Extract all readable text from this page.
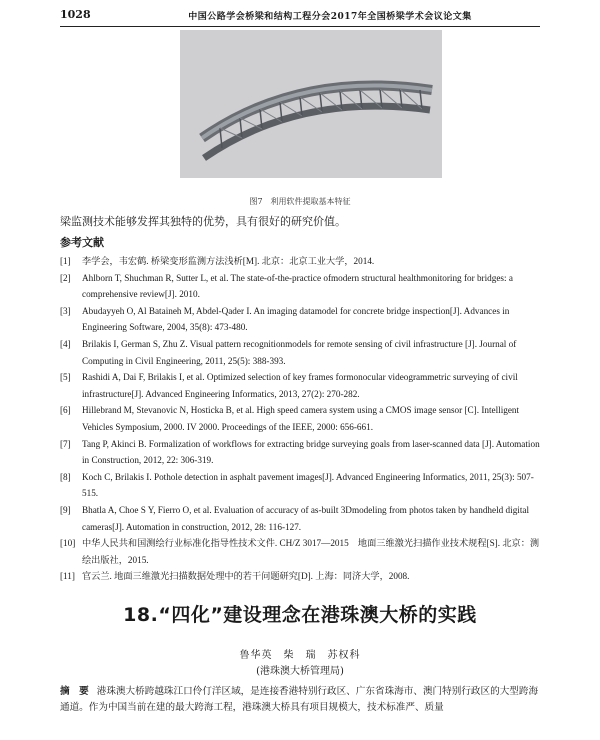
1028	中国公路学会桥梁和结构工程分会2017年全国桥梁学术会议论文集
图7　利用软件提取基本特征
梁监测技术能够发挥其独特的优势，具有很好的研究价值。
参考文献
[1] 李学会，韦宏鹤. 桥梁变形监测方法浅析[M]. 北京：北京工业大学，2014.
[2] Ahlborn T, Shuchman R, Sutter L, et al. The state-of-the-practice ofmodern structural healthmonitoring for bridges: a comprehensive review[J]. 2010.
[3] Abudayyeh O, Al Bataineh M, Abdel-Qader I. An imaging datamodel for concrete bridge inspection[J]. Advances in Engineering Software, 2004, 35(8): 473-480.
[4] Brilakis I, German S, Zhu Z. Visual pattern recognitionmodels for remote sensing of civil infrastructure [J]. Journal of Computing in Civil Engineering, 2011, 25(5): 388-393.
[5] Rashidi A, Dai F, Brilakis I, et al. Optimized selection of key frames formonocular videogrammetric surveying of civil infrastructure[J]. Advanced Engineering Informatics, 2013, 27(2): 270-282.
[6] Hillebrand M, Stevanovic N, Hosticka B, et al. High speed camera system using a CMOS image sensor [C]. Intelligent Vehicles Symposium, 2000. IV 2000. Proceedings of the IEEE, 2000: 656-661.
[7] Tang P, Akinci B. Formalization of workflows for extracting bridge surveying goals from laser-scanned data [J]. Automation in Construction, 2012, 22: 306-319.
[8] Koch C, Brilakis I. Pothole detection in asphalt pavement images[J]. Advanced Engineering Informatics, 2011, 25(3): 507-515.
[9] Bhatla A, Choe S Y, Fierro O, et al. Evaluation of accuracy of as-built 3Dmodeling from photos taken by handheld digital cameras[J]. Automation in construction, 2012, 28: 116-127.
[10] 中华人民共和国测绘行业标准化指导性技术文件. CH/Z 3017—2015　地面三维激光扫描作业技术规程[S]. 北京：测绘出版社，2015.
[11] 官云兰. 地面三维激光扫描数据处理中的若干问题研究[D]. 上海：同济大学，2008.
18.“四化”建设理念在港珠澳大桥的实践
鲁华英　柴　瑞　苏权科
(港珠澳大桥管理局)
摘　要 港珠澳大桥跨越珠江口伶仃洋区域，是连接香港特别行政区、广东省珠海市、澳门特别行政区的大型跨海通道。作为中国当前在建的最大跨海工程，港珠澳大桥具有项目规模大，技术标准严、质量
